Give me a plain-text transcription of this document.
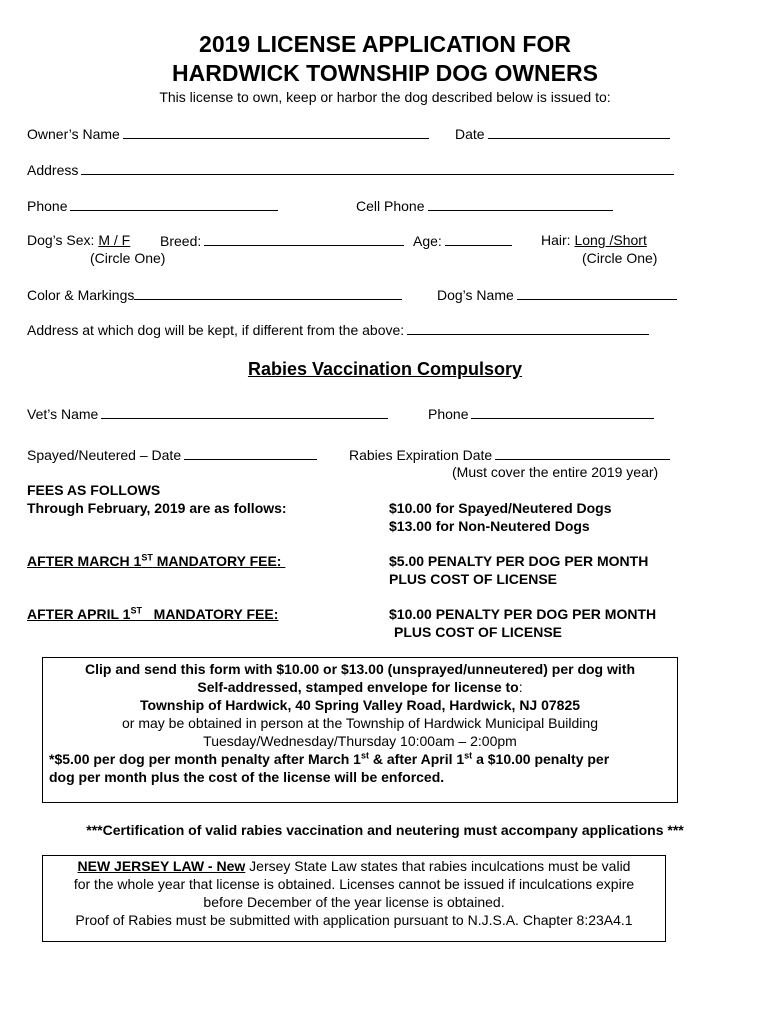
2019 LICENSE APPLICATION FOR
HARDWICK TOWNSHIP DOG OWNERS
This license to own, keep or harbor the dog described below is issued to:
Owner’s Name	Date
Address
Phone	Cell Phone
Dog’s Sex: M / F Breed:	Age:	Hair: Long /Short
(Circle One)	(Circle One)
Color & Markings	Dog’s Name
Address at which dog will be kept, if different from the above:
Rabies Vaccination Compulsory
Vet’s Name	Phone
Spayed/Neutered – Date	Rabies Expiration Date
(Must cover the entire 2019 year)
FEES AS FOLLOWS
Through February, 2019 are as follows:	$10.00 for Spayed/Neutered Dogs
$13.00 for Non-Neutered Dogs
AFTER MARCH 1ST MANDATORY FEE:	$5.00 PENALTY PER DOG PER MONTH
PLUS COST OF LICENSE
AFTER APRIL 1ST   MANDATORY FEE:	$10.00 PENALTY PER DOG PER MONTH
PLUS COST OF LICENSE
Clip and send this form with $10.00 or $13.00 (unsprayed/unneutered) per dog with
Self-addressed, stamped envelope for license to:
Township of Hardwick, 40 Spring Valley Road, Hardwick, NJ 07825
or may be obtained in person at the Township of Hardwick Municipal Building
Tuesday/Wednesday/Thursday 10:00am – 2:00pm
*$5.00 per dog per month penalty after March 1st & after April 1st a $10.00 penalty per
dog per month plus the cost of the license will be enforced.
***Certification of valid rabies vaccination and neutering must accompany applications ***
NEW JERSEY LAW - New Jersey State Law states that rabies inculcations must be valid
for the whole year that license is obtained. Licenses cannot be issued if inculcations expire
before December of the year license is obtained.
Proof of Rabies must be submitted with application pursuant to N.J.S.A. Chapter 8:23A4.1
